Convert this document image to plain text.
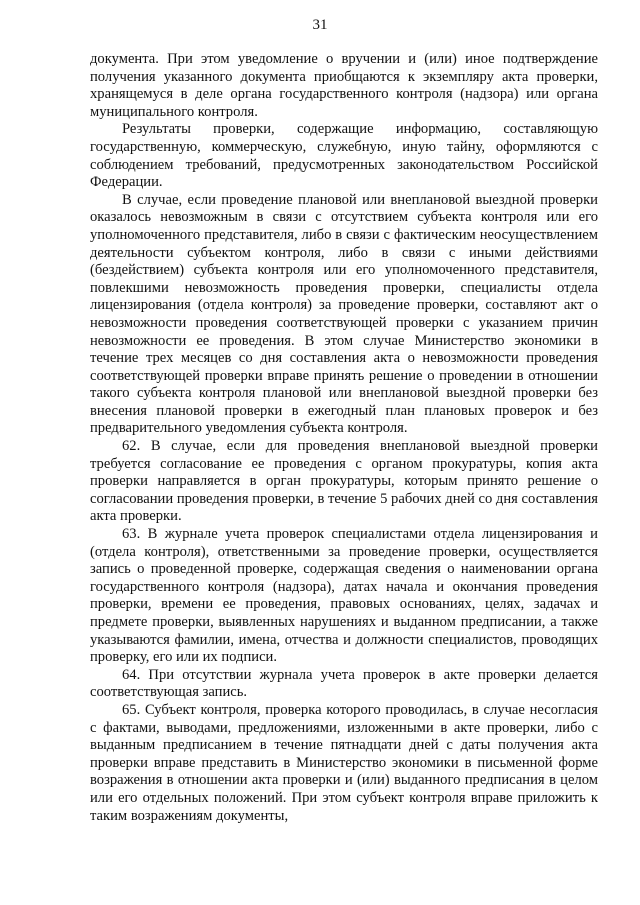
31

документа. При этом уведомление о вручении и (или) иное подтверждение получения указанного документа приобщаются к экземпляру акта проверки, хранящемуся в деле органа государственного контроля (надзора) или органа муниципального контроля.

Результаты проверки, содержащие информацию, составляющую государственную, коммерческую, служебную, иную тайну, оформляются с соблюдением требований, предусмотренных законодательством Российской Федерации.

В случае, если проведение плановой или внеплановой выездной проверки оказалось невозможным в связи с отсутствием субъекта контроля или его уполномоченного представителя, либо в связи с фактическим неосуществлением деятельности субъектом контроля, либо в связи с иными действиями (бездействием) субъекта контроля или его уполномоченного представителя, повлекшими невозможность проведения проверки, специалисты отдела лицензирования (отдела контроля) за проведение проверки, составляют акт о невозможности проведения соответствующей проверки с указанием причин невозможности ее проведения. В этом случае Министерство экономики в течение трех месяцев со дня составления акта о невозможности проведения соответствующей проверки вправе принять решение о проведении в отношении такого субъекта контроля плановой или внеплановой выездной проверки без внесения плановой проверки в ежегодный план плановых проверок и без предварительного уведомления субъекта контроля.

62. В случае, если для проведения внеплановой выездной проверки требуется согласование ее проведения с органом прокуратуры, копия акта проверки направляется в орган прокуратуры, которым принято решение о согласовании проведения проверки, в течение 5 рабочих дней со дня составления акта проверки.

63. В журнале учета проверок специалистами отдела лицензирования и (отдела контроля), ответственными за проведение проверки, осуществляется запись о проведенной проверке, содержащая сведения о наименовании органа государственного контроля (надзора), датах начала и окончания проведения проверки, времени ее проведения, правовых основаниях, целях, задачах и предмете проверки, выявленных нарушениях и выданном предписании, а также указываются фамилии, имена, отчества и должности специалистов, проводящих проверку, его или их подписи.

64. При отсутствии журнала учета проверок в акте проверки делается соответствующая запись.

65. Субъект контроля, проверка которого проводилась, в случае несогласия с фактами, выводами, предложениями, изложенными в акте проверки, либо с выданным предписанием в течение пятнадцати дней с даты получения акта проверки вправе представить в Министерство экономики в письменной форме возражения в отношении акта проверки и (или) выданного предписания в целом или его отдельных положений. При этом субъект контроля вправе приложить к таким возражениям документы,
